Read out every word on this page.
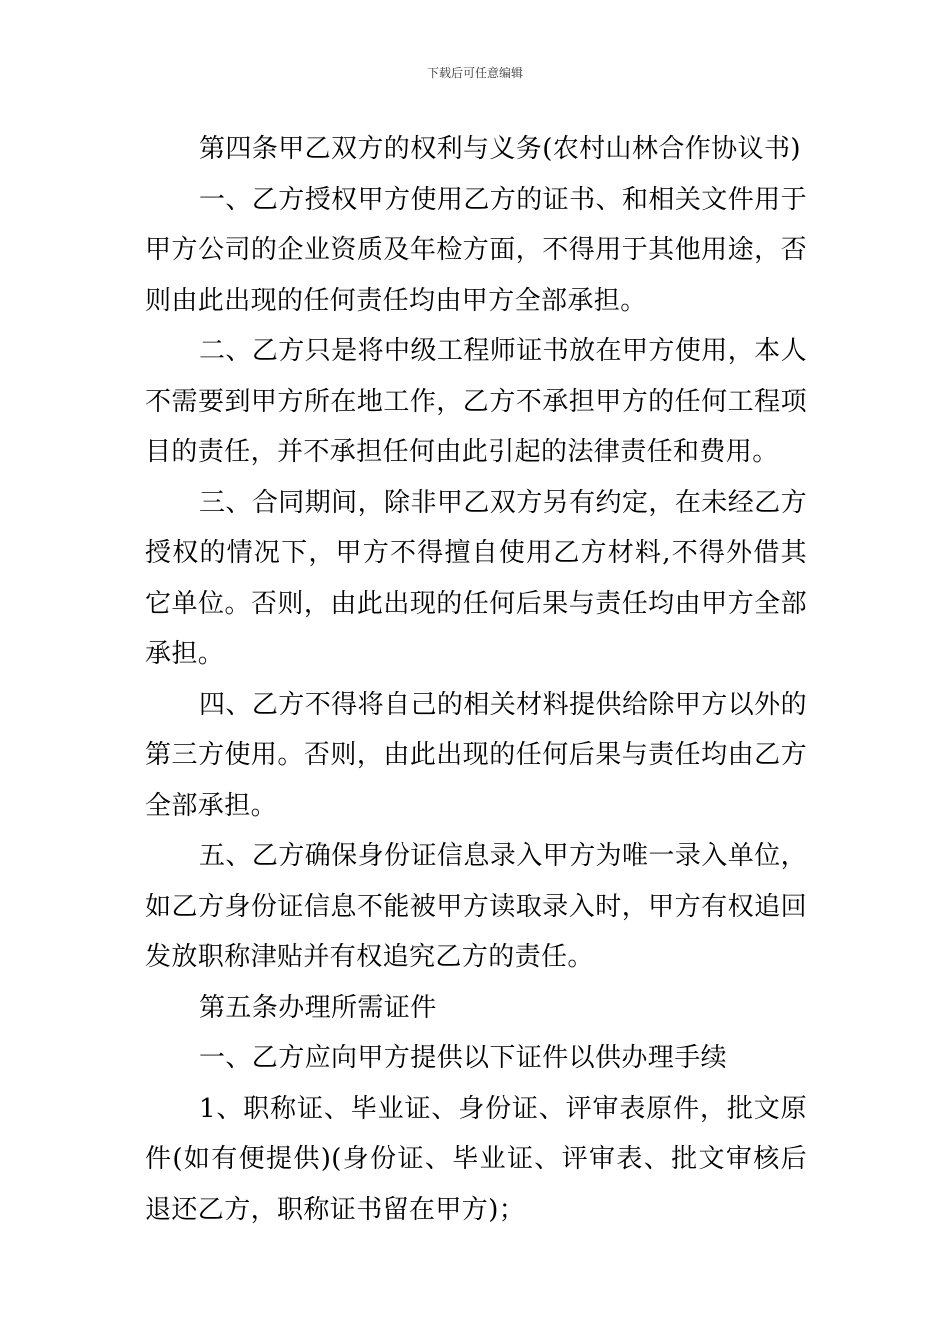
下载后可任意编辑

第四条甲乙双方的权利与义务(农村山林合作协议书)

一、乙方授权甲方使用乙方的证书、和相关文件用于甲方公司的企业资质及年检方面，不得用于其他用途，否则由此出现的任何责任均由甲方全部承担。

二、乙方只是将中级工程师证书放在甲方使用，本人不需要到甲方所在地工作，乙方不承担甲方的任何工程项目的责任，并不承担任何由此引起的法律责任和费用。

三、合同期间，除非甲乙双方另有约定，在未经乙方授权的情况下，甲方不得擅自使用乙方材料,不得外借其它单位。否则，由此出现的任何后果与责任均由甲方全部承担。

四、乙方不得将自己的相关材料提供给除甲方以外的第三方使用。否则，由此出现的任何后果与责任均由乙方全部承担。

五、乙方确保身份证信息录入甲方为唯一录入单位，如乙方身份证信息不能被甲方读取录入时，甲方有权追回发放职称津贴并有权追究乙方的责任。

第五条办理所需证件

一、乙方应向甲方提供以下证件以供办理手续

1、职称证、毕业证、身份证、评审表原件，批文原件(如有便提供)(身份证、毕业证、评审表、批文审核后退还乙方，职称证书留在甲方)；
